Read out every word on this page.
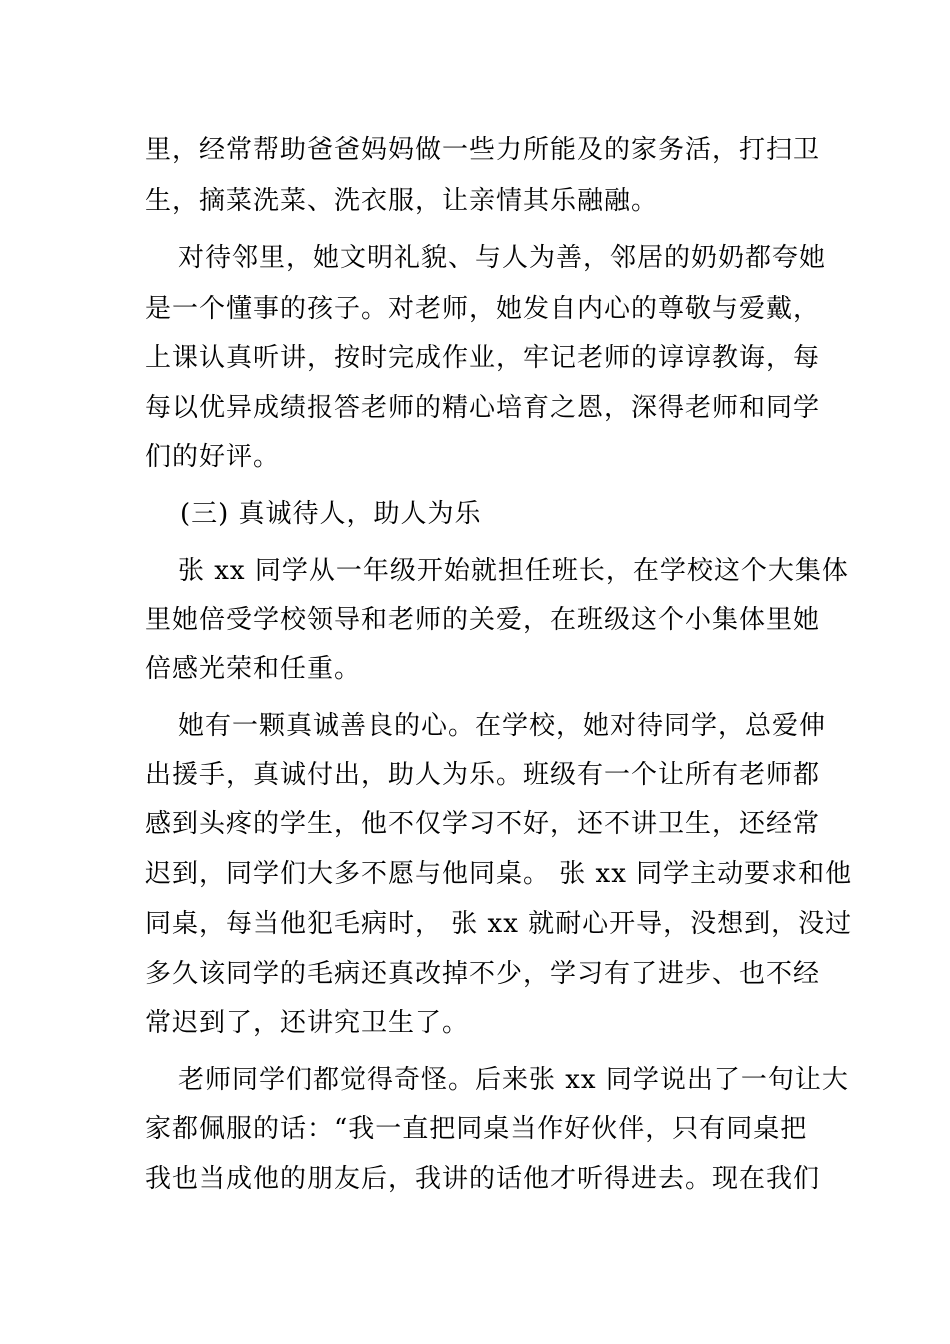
里，经常帮助爸爸妈妈做一些力所能及的家务活，打扫卫
生，摘菜洗菜、洗衣服，让亲情其乐融融。
对待邻里，她文明礼貌、与人为善，邻居的奶奶都夸她
是一个懂事的孩子。对老师，她发自内心的尊敬与爱戴，
上课认真听讲，按时完成作业，牢记老师的谆谆教诲，每
每以优异成绩报答老师的精心培育之恩，深得老师和同学
们的好评。
(三) 真诚待人，助人为乐
张 xx 同学从一年级开始就担任班长，在学校这个大集体
里她倍受学校领导和老师的关爱，在班级这个小集体里她
倍感光荣和任重。
她有一颗真诚善良的心。在学校，她对待同学，总爱伸
出援手，真诚付出，助人为乐。班级有一个让所有老师都
感到头疼的学生，他不仅学习不好，还不讲卫生，还经常
迟到，同学们大多不愿与他同桌。 张 xx 同学主动要求和他
同桌，每当他犯毛病时， 张 xx 就耐心开导，没想到，没过
多久该同学的毛病还真改掉不少，学习有了进步、也不经
常迟到了，还讲究卫生了。
老师同学们都觉得奇怪。后来张 xx 同学说出了一句让大
家都佩服的话：“我一直把同桌当作好伙伴，只有同桌把
我也当成他的朋友后，我讲的话他才听得进去。现在我们
